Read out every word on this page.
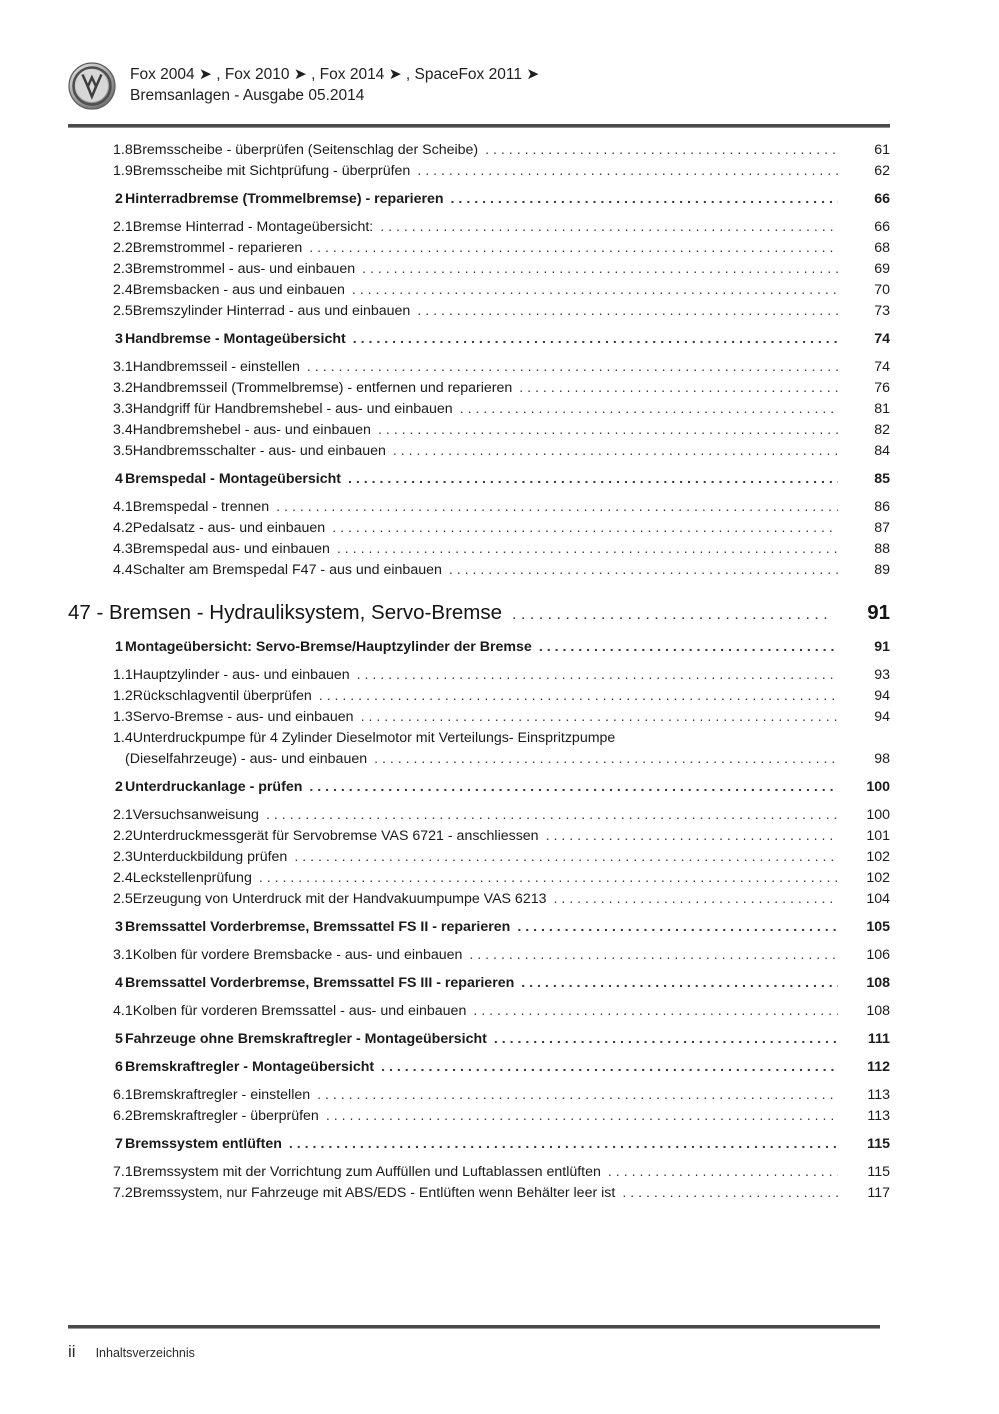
Fox 2004 ➤ , Fox 2010 ➤ , Fox 2014 ➤ , SpaceFox 2011 ➤
Bremsanlagen - Ausgabe 05.2014
1.8 Bremsscheibe - überprüfen (Seitenschlag der Scheibe) . . .	61
1.9 Bremsscheibe mit Sichtprüfung - überprüfen . . .	62
2 Hinterradbremse (Trommelbremse) - reparieren . . .	66
2.1 Bremse Hinterrad - Montageübersicht: . . .	66
2.2 Bremstrommel - reparieren . . .	68
2.3 Bremstrommel - aus- und einbauen . . .	69
2.4 Bremsbacken - aus und einbauen . . .	70
2.5 Bremszylinder Hinterrad - aus und einbauen . . .	73
3 Handbremse - Montageübersicht . . .	74
3.1 Handbremsseil - einstellen . . .	74
3.2 Handbremsseil (Trommelbremse) - entfernen und reparieren . . .	76
3.3 Handgriff für Handbremshebel - aus- und einbauen . . .	81
3.4 Handbremshebel - aus- und einbauen . . .	82
3.5 Handbremsschalter - aus- und einbauen . . .	84
4 Bremspedal - Montageübersicht . . .	85
4.1 Bremspedal - trennen . . .	86
4.2 Pedalsatz - aus- und einbauen . . .	87
4.3 Bremspedal aus- und einbauen . . .	88
4.4 Schalter am Bremspedal F47 - aus und einbauen . . .	89
47 - Bremsen - Hydrauliksystem, Servo-Bremse . . .	91
1 Montageübersicht: Servo-Bremse/Hauptzylinder der Bremse . . .	91
1.1 Hauptzylinder - aus- und einbauen . . .	93
1.2 Rückschlagventil überprüfen . . .	94
1.3 Servo-Bremse - aus- und einbauen . . .	94
1.4 Unterdruckpumpe für 4 Zylinder Dieselmotor mit Verteilungs- Einspritzpumpe
(Dieselfahrzeuge) - aus- und einbauen . . .	98
2 Unterdruckanlage - prüfen . . .	100
2.1 Versuchsanweisung . . .	100
2.2 Unterdruckmessgerät für Servobremse VAS 6721 - anschliessen . . .	101
2.3 Unterduckbildung prüfen . . .	102
2.4 Leckstellenprüfung . . .	102
2.5 Erzeugung von Unterdruck mit der Handvakuumpumpe VAS 6213 . . .	104
3 Bremssattel Vorderbremse, Bremssattel FS II - reparieren . . .	105
3.1 Kolben für vordere Bremsbacke - aus- und einbauen . . .	106
4 Bremssattel Vorderbremse, Bremssattel FS III - reparieren . . .	108
4.1 Kolben für vorderen Bremssattel - aus- und einbauen . . .	108
5 Fahrzeuge ohne Bremskraftregler - Montageübersicht . . .	111
6 Bremskraftregler - Montageübersicht . . .	112
6.1 Bremskraftregler - einstellen . . .	113
6.2 Bremskraftregler - überprüfen . . .	113
7 Bremssystem entlüften . . .	115
7.1 Bremssystem mit der Vorrichtung zum Auffüllen und Luftablassen entlüften . . .	115
7.2 Bremssystem, nur Fahrzeuge mit ABS/EDS - Entlüften wenn Behälter leer ist . . .	117
ii Inhaltsverzeichnis
